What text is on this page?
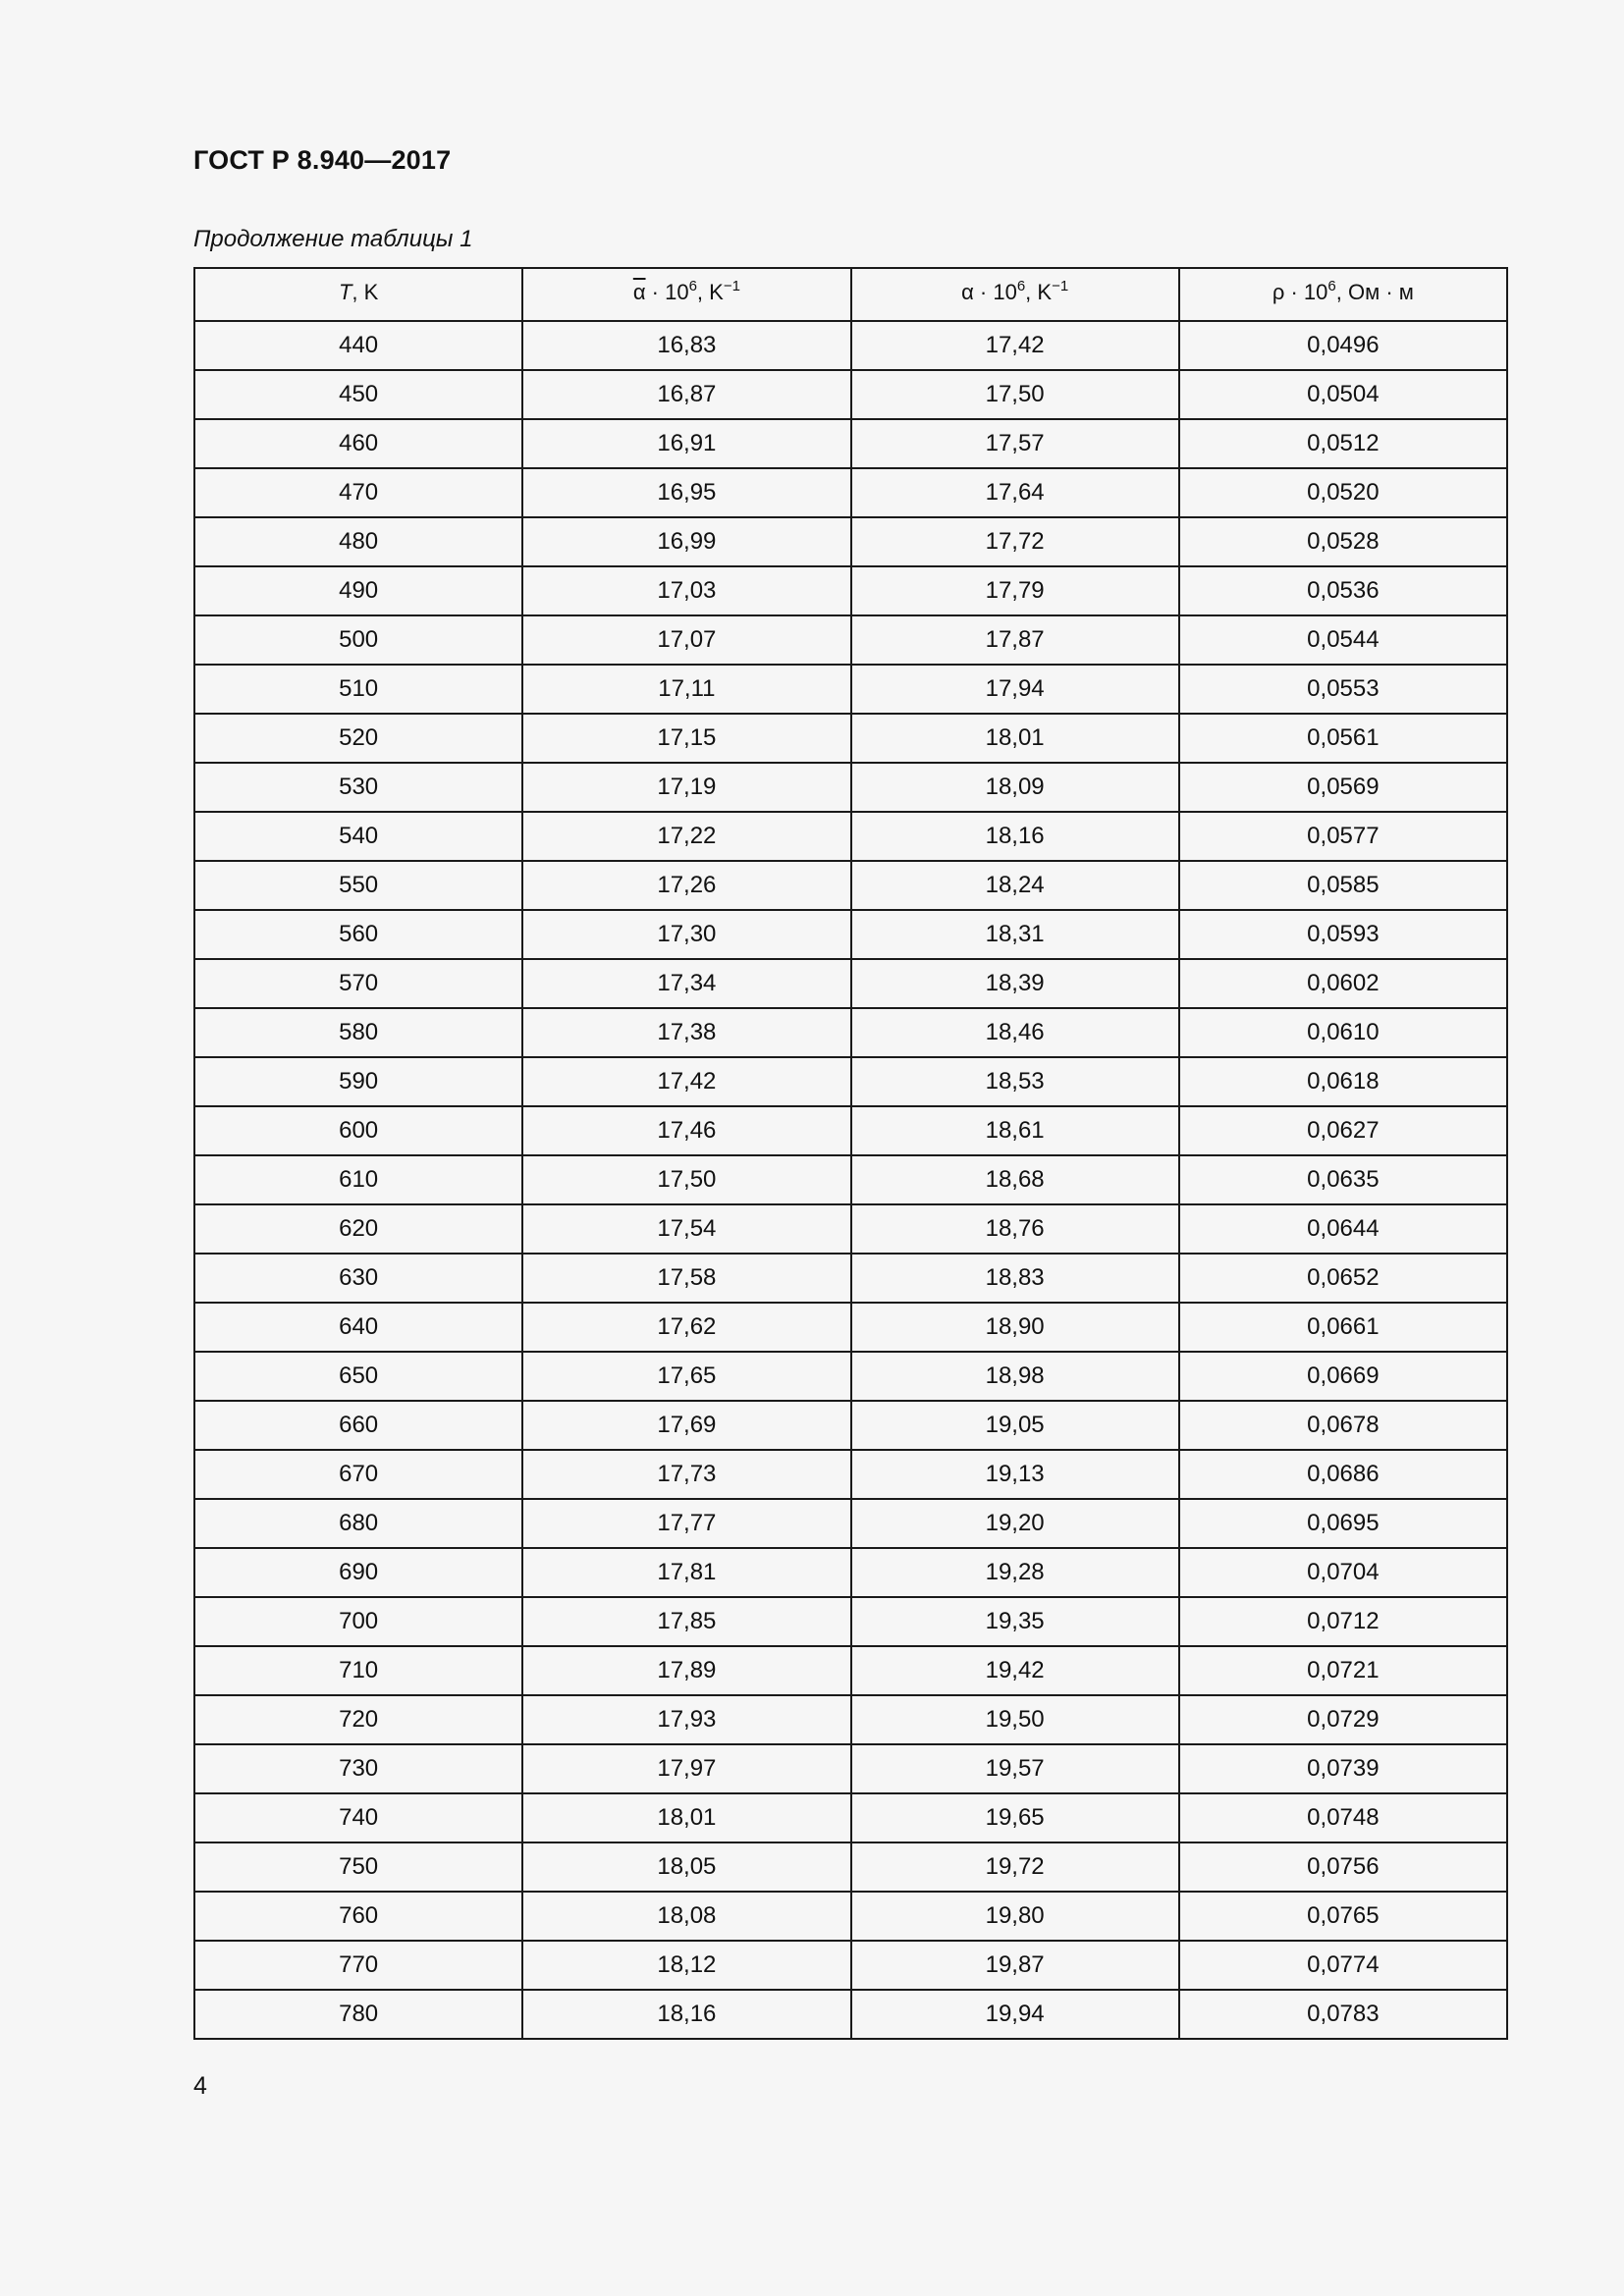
ГОСТ Р 8.940—2017
Продолжение таблицы 1
T, K	$\overline{\alpha} \cdot 10^6$, $K^{-1}$	$\alpha \cdot 10^6$, $K^{-1}$	$\rho \cdot 10^6$, Ом · м

440	16,83	17,42	0,0496
450	16,87	17,50	0,0504
460	16,91	17,57	0,0512
470	16,95	17,64	0,0520
480	16,99	17,72	0,0528
490	17,03	17,79	0,0536
500	17,07	17,87	0,0544
510	17,11	17,94	0,0553
520	17,15	18,01	0,0561
530	17,19	18,09	0,0569
540	17,22	18,16	0,0577
550	17,26	18,24	0,0585
560	17,30	18,31	0,0593
570	17,34	18,39	0,0602
580	17,38	18,46	0,0610
590	17,42	18,53	0,0618
600	17,46	18,61	0,0627
610	17,50	18,68	0,0635
620	17,54	18,76	0,0644
630	17,58	18,83	0,0652
640	17,62	18,90	0,0661
650	17,65	18,98	0,0669
660	17,69	19,05	0,0678
670	17,73	19,13	0,0686
680	17,77	19,20	0,0695
690	17,81	19,28	0,0704
700	17,85	19,35	0,0712
710	17,89	19,42	0,0721
720	17,93	19,50	0,0729
730	17,97	19,57	0,0739
740	18,01	19,65	0,0748
750	18,05	19,72	0,0756
760	18,08	19,80	0,0765
770	18,12	19,87	0,0774
780	18,16	19,94	0,0783
4
